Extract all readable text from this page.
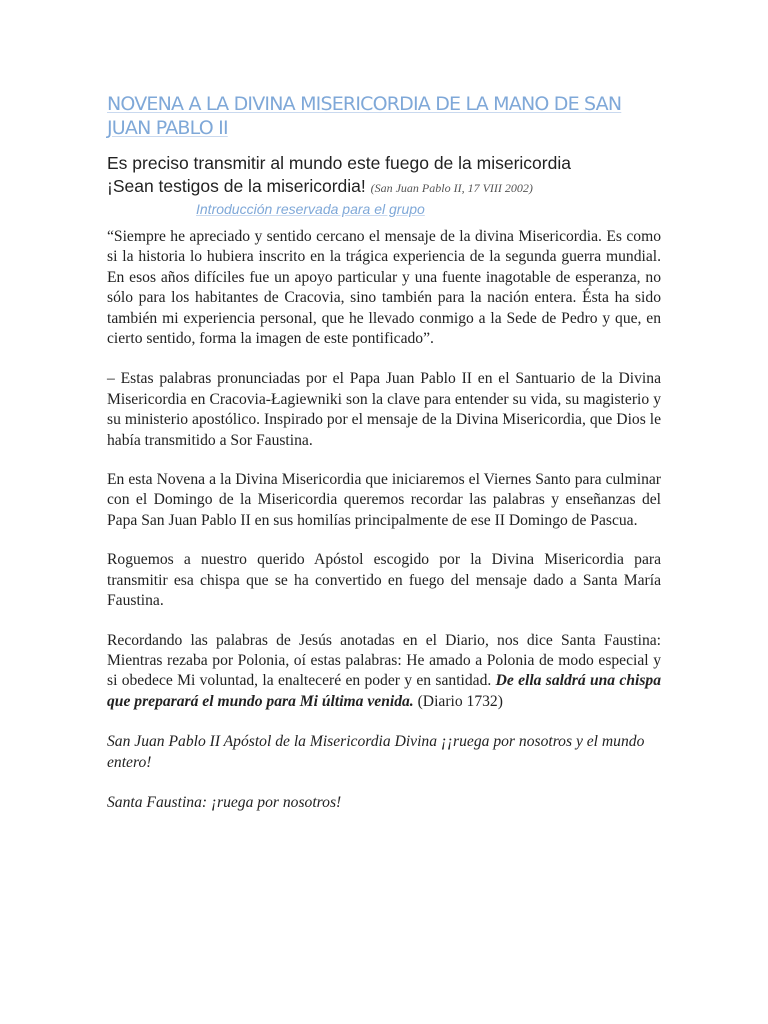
NOVENA A LA DIVINA MISERICORDIA DE LA MANO DE SAN JUAN PABLO II

Es preciso transmitir al mundo este fuego de la misericordia

¡Sean testigos de la misericordia! (San Juan Pablo II, 17 VIII 2002)

Introducción reservada para el grupo

“Siempre he apreciado y sentido cercano el mensaje de la divina Misericordia. Es como si la historia lo hubiera inscrito en la trágica experiencia de la segunda guerra mundial. En esos años difíciles fue un apoyo particular y una fuente inagotable de esperanza, no sólo para los habitantes de Cracovia, sino también para la nación entera. Ésta ha sido también mi experiencia personal, que he llevado conmigo a la Sede de Pedro y que, en cierto sentido, forma la imagen de este pontificado”.

– Estas palabras pronunciadas por el Papa Juan Pablo II en el Santuario de la Divina Misericordia en Cracovia-Łagiewniki son la clave para entender su vida, su magisterio y su ministerio apostólico. Inspirado por el mensaje de la Divina Misericordia, que Dios le había transmitido a Sor Faustina.

En esta Novena a la Divina Misericordia que iniciaremos el Viernes Santo para culminar con el Domingo de la Misericordia queremos recordar las palabras y enseñanzas del Papa San Juan Pablo II en sus homilías principalmente de ese II Domingo de Pascua.

Roguemos a nuestro querido Apóstol escogido por la Divina Misericordia para transmitir esa chispa que se ha convertido en fuego del mensaje dado a Santa María Faustina.

Recordando las palabras de Jesús anotadas en el Diario, nos dice Santa Faustina: Mientras rezaba por Polonia, oí estas palabras: He amado a Polonia de modo especial y si obedece Mi voluntad, la enalteceré en poder y en santidad. De ella saldrá una chispa que preparará el mundo para Mi última venida. (Diario 1732)

San Juan Pablo II Apóstol de la Misericordia Divina ¡¡ruega por nosotros y el mundo entero!

Santa Faustina: ¡ruega por nosotros!
